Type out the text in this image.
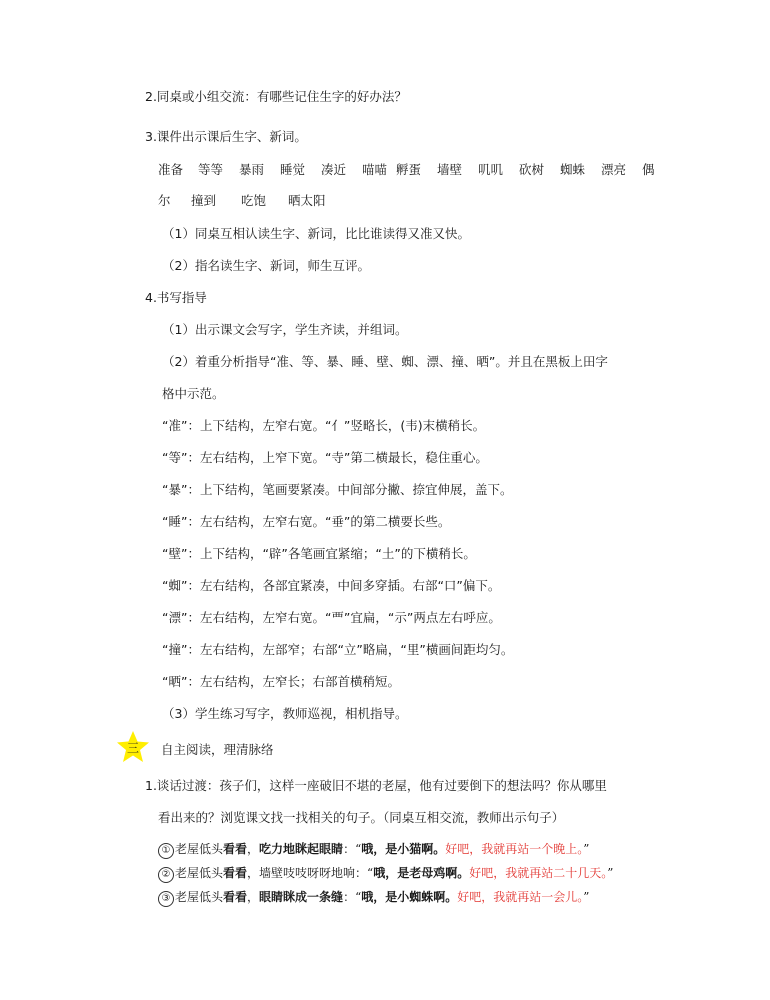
2.同桌或小组交流：有哪些记住生字的好办法？
3.课件出示课后生字、新词。
准备 等等 暴雨 睡觉 凑近 喵喵 孵蛋 墙壁 叽叽 砍树 蜘蛛 漂亮 偶
尔 撞到 吃饱 晒太阳
（1）同桌互相认读生字、新词，比比谁读得又准又快。
（2）指名读生字、新词，师生互评。
4.书写指导
（1）出示课文会写字，学生齐读，并组词。
（2）着重分析指导“准、等、暴、睡、壁、蜘、漂、撞、晒”。并且在黑板上田字
格中示范。
“准”：上下结构，左窄右宽。“亻”竖略长，(⻙)末横稍长。
“等”：左右结构，上窄下宽。“寺”第二横最长，稳住重心。
“暴”：上下结构，笔画要紧凑。中间部分撇、捺宜伸展，盖下。
“睡”：左右结构，左窄右宽。“垂”的第二横要长些。
“壁”：上下结构，“辟”各笔画宜紧缩；“土”的下横稍长。
“蜘”：左右结构，各部宜紧凑，中间多穿插。右部“口”偏下。
“漂”：左右结构，左窄右宽。“覀”宜扁，“示”两点左右呼应。
“撞”：左右结构，左部窄；右部“立”略扁，“里”横画间距均匀。
“晒”：左右结构，左窄长；右部首横稍短。
（3）学生练习写字，教师巡视，相机指导。
三	自主阅读，理清脉络
1.谈话过渡：孩子们，这样一座破旧不堪的老屋，他有过要倒下的想法吗？你从哪里
看出来的？浏览课文找一找相关的句子。（同桌互相交流，教师出示句子）
① 老屋低头看看，吃力地眯起眼睛：“哦，是小猫啊。好吧，我就再站一个晚上。”
② 老屋低头看看，墙壁吱吱呀呀地响：“哦，是老母鸡啊。好吧，我就再站二十几天。”
③ 老屋低头看看，眼睛眯成一条缝：“哦，是小蜘蛛啊。好吧，我就再站一会儿。”
